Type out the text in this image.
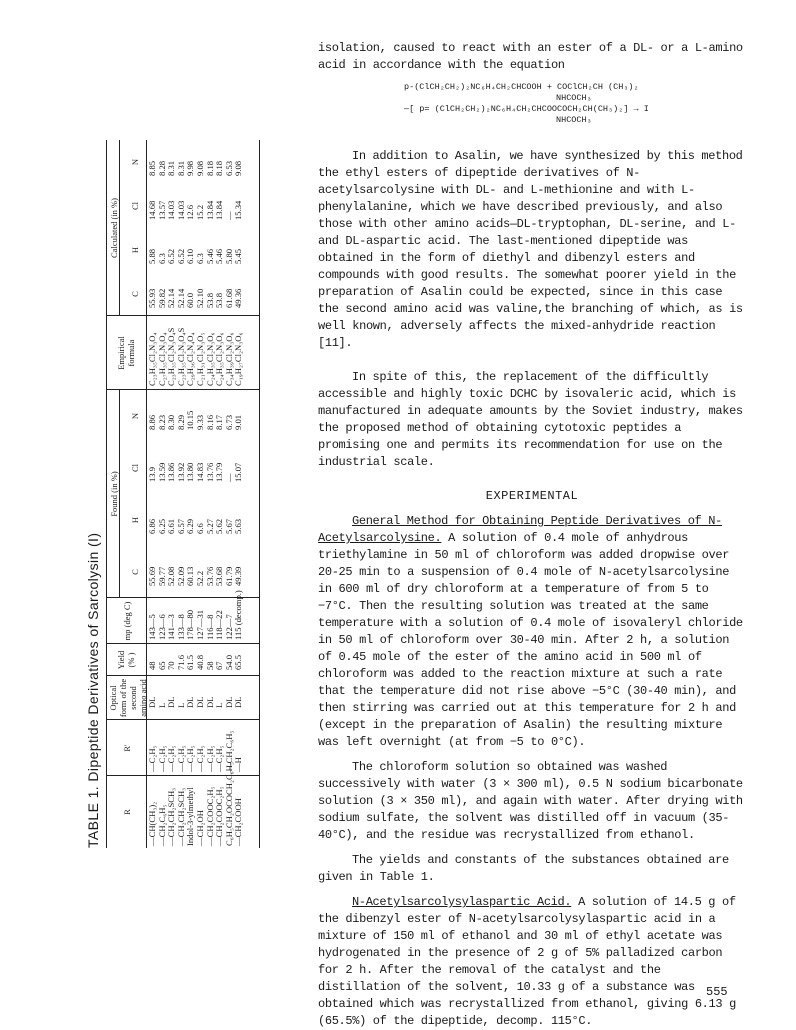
TABLE 1. Dipeptide Derivatives of Sarcolysin (I)	R
R'
Optical form of the second amino acid
Yield (% )
mp (deg C)
Found (in %)
Empirical formula
Calculated (in %)
C
H
Cl
N
C
H
Cl
N
—CH(CH₃)₂ —CH₂C₆H₅ —CH₂CH₂SCH₃ —CH₂CH₂SCH₃ Indol-3-ylmethyl —CH₂OH —CH₂COOC₂H₅ —CH₂COOC₂H₅ C₆H₅CH₂OCOCH₂C₆H₅ —CH₂COOH
—C₂H₅ —C₂H₅ —C₂H₅ —C₂H₅ —C₂H₅ —C₂H₅ —C₂H₅ —C₂H₅ —CH₂C₆H₅ —H
DL L DL L DL DL DL L DL DL
48 65 70 71.6 61.5 40.8 58 67 54.0 65.5
143—5 123—6 141—3 133—8 178—80 127—31 116—8 118—22 122—7 115 (decomp.)
55.69 59.77 52.08 52.09 60.13 52.2 53.76 53.68 61.79 49.39
6.86 6.25 6.61 6.57 6.29 6.6 5.27 5.62 5.67 5.63
13.9 13.59 13.86 13.92 13.80 14.83 13.76 13.79 — 15.07
8.86 8.23 8.30 8.29 10.15 9.33 8.16 8.17 6.73 9.01
C₂₃H₃₅Cl₂N₃O₄ C₂₇H₃₅Cl₂N₃O₄ C₂₃H₃₅Cl₂N₃O₄S C₂₃H₃₅Cl₂N₃O₄S C₂₉H₃₆Cl₂N₄O₄ C₂₁H₃₁Cl₂N₃O₅ C₂₄H₃₅Cl₂N₃O₆ C₂₄H₃₅Cl₂N₃O₆ C₃₄H₃₉Cl₂N₃O₆ C₁₉H₂₇Cl₂N₃O₆
55.93 59.82 52.14 52.14 60.0 52.10 53.8 53.8 61.68 49.36
5.88 6.3 6.52 6.52 6.10 6.3 5.46 5.46 5.80 5.45
14.68 13.57 14.03 14.03 12.6 15.2 13.84 13.84 — 15.34
8.85 8.28 8.31 8.31 9.98 9.08 8.18 8.18 6.53 9.08

isolation, caused to react with an ester of a DL- or a L-amino acid in accordance with the equation

p-(ClCH₂CH₂)₂NC₆H₄CH₂CHCOOH + COClCH₂CH (CH₃)₂
NHCOCH₃
—[ p= (ClCH₂CH₂)₂NC₆H₄CH₂CHCOOCOCH₂CH(CH₃)₂] → I
NHCOCH₃

In addition to Asalin, we have synthesized by this method the ethyl esters of dipeptide derivatives of N-acetylsarcolysine with DL- and L-methionine and with L-phenylalanine, which we have described previously, and also those with other amino acids—DL-tryptophan, DL-serine, and L- and DL-aspartic acid. The last-mentioned dipeptide was obtained in the form of diethyl and dibenzyl esters and compounds with good results. The somewhat poorer yield in the preparation of Asalin could be expected, since in this case the second amino acid was valine,the branching of which, as is well known, adversely affects the mixed-anhydride reaction [11].

In spite of this, the replacement of the difficultly accessible and highly toxic DCHC by isovaleric acid, which is manufactured in adequate amounts by the Soviet industry, makes the proposed method of obtaining cytotoxic peptides a promising one and permits its recommendation for use on the industrial scale.

EXPERIMENTAL

General Method for Obtaining Peptide Derivatives of N-Acetylsarcolysine. A solution of 0.4 mole of anhydrous triethylamine in 50 ml of chloroform was added dropwise over 20-25 min to a suspension of 0.4 mole of N-acetylsarcolysine in 600 ml of dry chloroform at a temperature of from 5 to −7°C. Then the resulting solution was treated at the same temperature with a solution of 0.4 mole of isovaleryl chloride in 50 ml of chloroform over 30-40 min. After 2 h, a solution of 0.45 mole of the ester of the amino acid in 500 ml of chloroform was added to the reaction mixture at such a rate that the temperature did not rise above −5°C (30-40 min), and then stirring was carried out at this temperature for 2 h and (except in the preparation of Asalin) the resulting mixture was left overnight (at from −5 to 0°C).

The chloroform solution so obtained was washed successively with water (3 × 300 ml), 0.5 N sodium bicarbonate solution (3 × 350 ml), and again with water. After drying with sodium sulfate, the solvent was distilled off in vacuum (35-40°C), and the residue was recrystallized from ethanol.

The yields and constants of the substances obtained are given in Table 1.

N-Acetylsarcolysylaspartic Acid. A solution of 14.5 g of the dibenzyl ester of N-acetylsarcolysylaspartic acid in a mixture of 150 ml of ethanol and 30 ml of ethyl acetate was hydrogenated in the presence of 2 g of 5% palladized carbon for 2 h. After the removal of the catalyst and the distillation of the solvent, 10.33 g of a substance was obtained which was recrystallized from ethanol, giving 6.13 g (65.5%) of the dipeptide, decomp. 115°C.

555
